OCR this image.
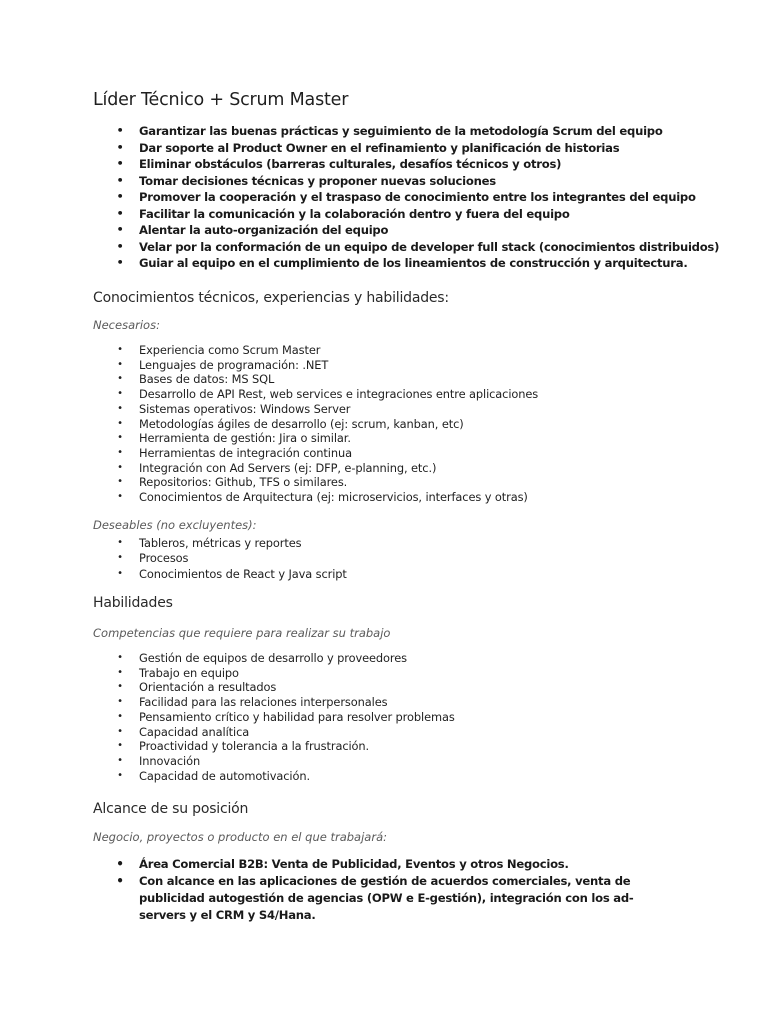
Líder Técnico + Scrum Master
• Garantizar las buenas prácticas y seguimiento de la metodología Scrum del equipo
• Dar soporte al Product Owner en el refinamiento y planificación de historias
• Eliminar obstáculos (barreras culturales, desafíos técnicos y otros)
• Tomar decisiones técnicas y proponer nuevas soluciones
• Promover la cooperación y el traspaso de conocimiento entre los integrantes del equipo
• Facilitar la comunicación y la colaboración dentro y fuera del equipo
• Alentar la auto-organización del equipo
• Velar por la conformación de un equipo de developer full stack (conocimientos distribuidos)
• Guiar al equipo en el cumplimiento de los lineamientos de construcción y arquitectura.
Conocimientos técnicos, experiencias y habilidades:
Necesarios:
• Experiencia como Scrum Master
• Lenguajes de programación: .NET
• Bases de datos: MS SQL
• Desarrollo de API Rest, web services e integraciones entre aplicaciones
• Sistemas operativos: Windows Server
• Metodologías ágiles de desarrollo (ej: scrum, kanban, etc)
• Herramienta de gestión: Jira o similar.
• Herramientas de integración continua
• Integración con Ad Servers (ej: DFP, e-planning, etc.)
• Repositorios: Github, TFS o similares.
• Conocimientos de Arquitectura (ej: microservicios, interfaces y otras)
Deseables (no excluyentes):
• Tableros, métricas y reportes
• Procesos
• Conocimientos de React y Java script
Habilidades
Competencias que requiere para realizar su trabajo
• Gestión de equipos de desarrollo y proveedores
• Trabajo en equipo
• Orientación a resultados
• Facilidad para las relaciones interpersonales
• Pensamiento crítico y habilidad para resolver problemas
• Capacidad analítica
• Proactividad y tolerancia a la frustración.
• Innovación
• Capacidad de automotivación.
Alcance de su posición
Negocio, proyectos o producto en el que trabajará:
• Área Comercial B2B: Venta de Publicidad, Eventos y otros Negocios.
• Con alcance en las aplicaciones de gestión de acuerdos comerciales, venta de publicidad autogestión de agencias (OPW e E-gestión), integración con los ad-servers y el CRM y S4/Hana.
